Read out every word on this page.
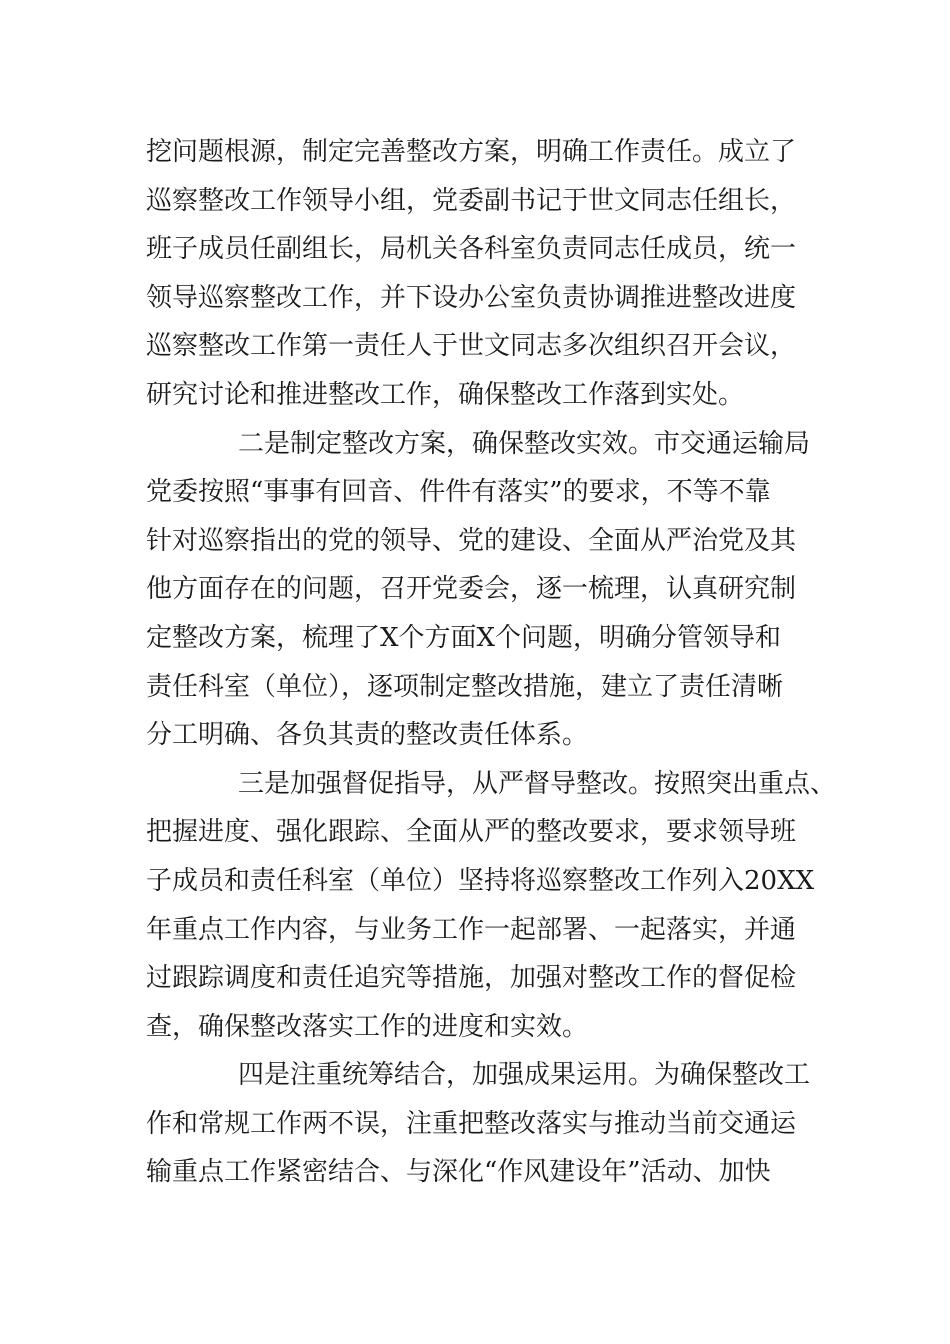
挖问题根源，制定完善整改方案，明确工作责任。成立了
巡察整改工作领导小组，党委副书记于世文同志任组长，
班子成员任副组长，局机关各科室负责同志任成员，统一
领导巡察整改工作，并下设办公室负责协调推进整改进度
巡察整改工作第一责任人于世文同志多次组织召开会议，
研究讨论和推进整改工作，确保整改工作落到实处。
二是制定整改方案，确保整改实效。市交通运输局
党委按照“事事有回音、件件有落实”的要求，不等不靠
针对巡察指出的党的领导、党的建设、全面从严治党及其
他方面存在的问题，召开党委会，逐一梳理，认真研究制
定整改方案，梳理了X个方面X个问题，明确分管领导和
责任科室（单位），逐项制定整改措施，建立了责任清晰
分工明确、各负其责的整改责任体系。
三是加强督促指导，从严督导整改。按照突出重点、
把握进度、强化跟踪、全面从严的整改要求，要求领导班
子成员和责任科室（单位）坚持将巡察整改工作列入20XX
年重点工作内容，与业务工作一起部署、一起落实，并通
过跟踪调度和责任追究等措施，加强对整改工作的督促检
查，确保整改落实工作的进度和实效。
四是注重统筹结合，加强成果运用。为确保整改工
作和常规工作两不误，注重把整改落实与推动当前交通运
输重点工作紧密结合、与深化“作风建设年”活动、加快
